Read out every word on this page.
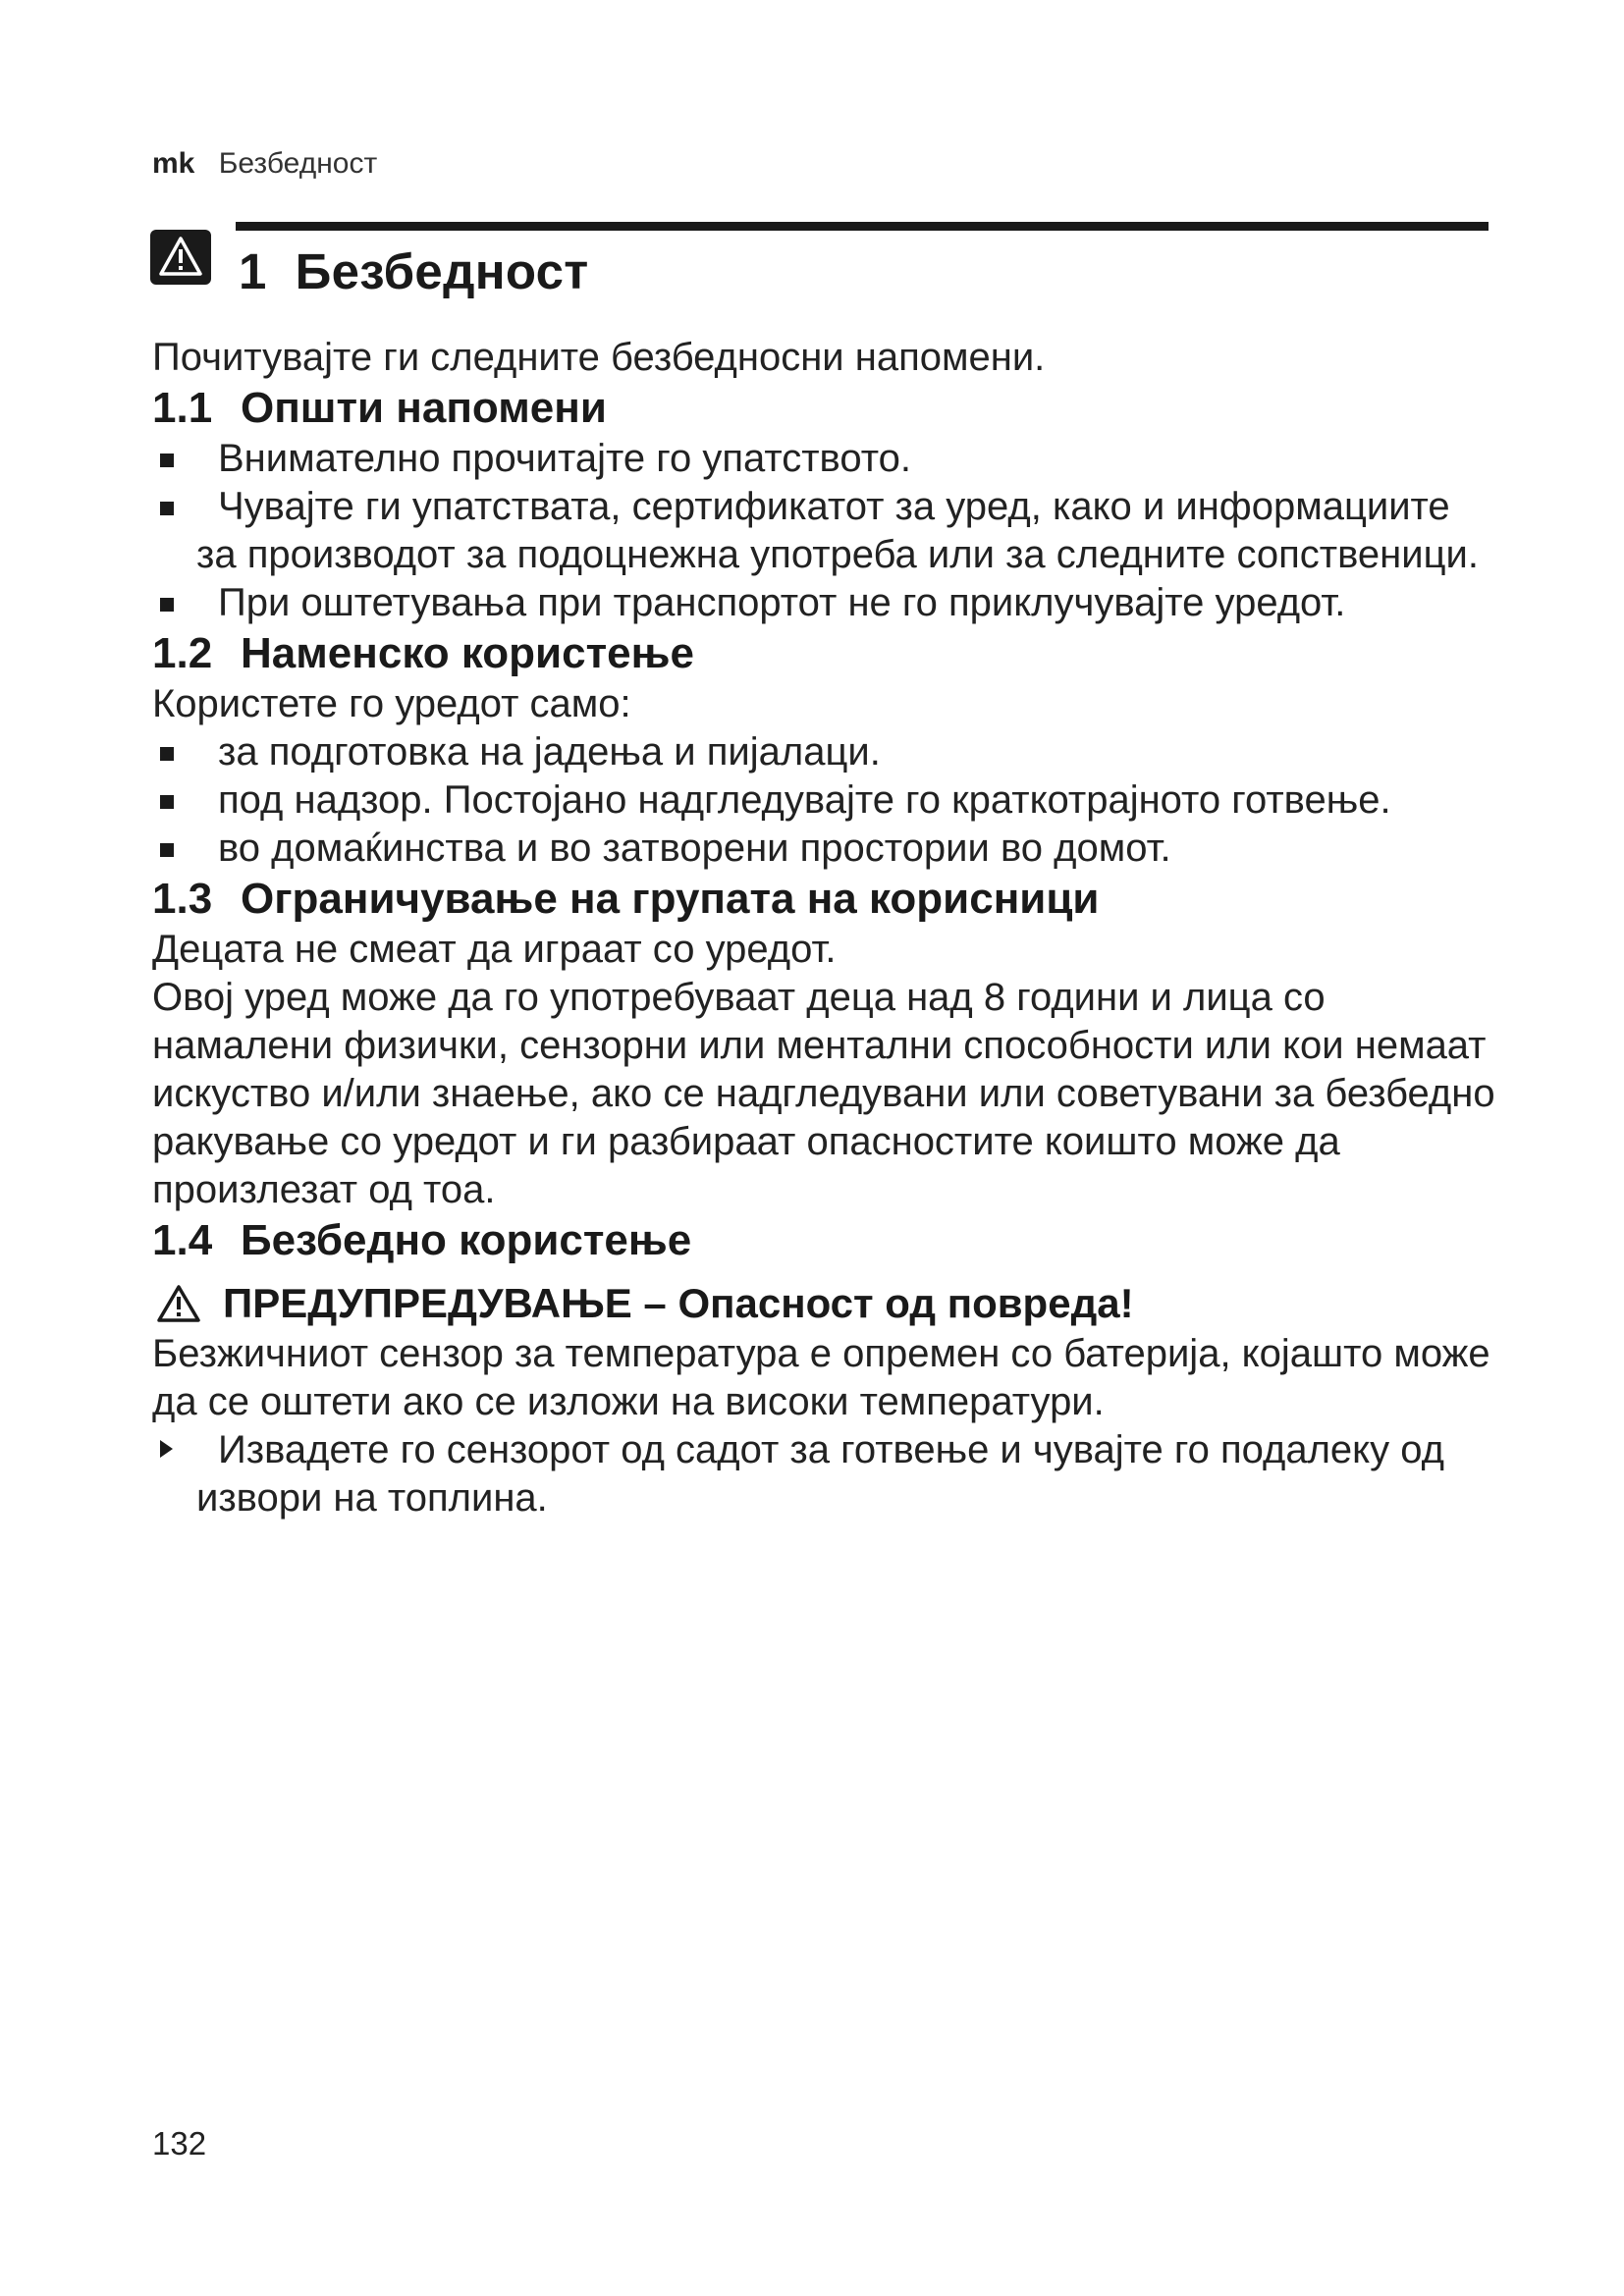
mk Безбедност
1 Безбедност

Почитувајте ги следните безбедносни напомени.

1.1 Општи напомени
Внимателно прочитајте го упатството.
Чувајте ги упатствата, сертификатот за уред, како и информациите за производот за подоцнежна употреба или за следните сопственици.
При оштетувања при транспортот не го приклучувајте уредот.
1.2 Наменско користење

Користете го уредот само:

за подготовка на јадења и пијалаци.
под надзор. Постојано надгледувајте го краткотрајното готвење.
во домаќинства и во затворени простории во домот.
1.3 Ограничување на групата на корисници

Децата не смеат да играат со уредот.

Овој уред може да го употребуваат деца над 8 години и лица со намалени физички, сензорни или ментални способности или кои немаат искуство и/или знаење, ако се надгледувани или советувани за безбедно ракување со уредот и ги разбираат опасностите коишто може да произлезат од тоа.

1.4 Безбедно користење
ПРЕДУПРЕДУВАЊЕ – Опасност од повреда!

Безжичниот сензор за температура е опремен со батерија, којашто може да се оштети ако се изложи на високи температури.

Извадете го сензорот од садот за готвење и чувајте го подалеку од извори на топлина.
132
